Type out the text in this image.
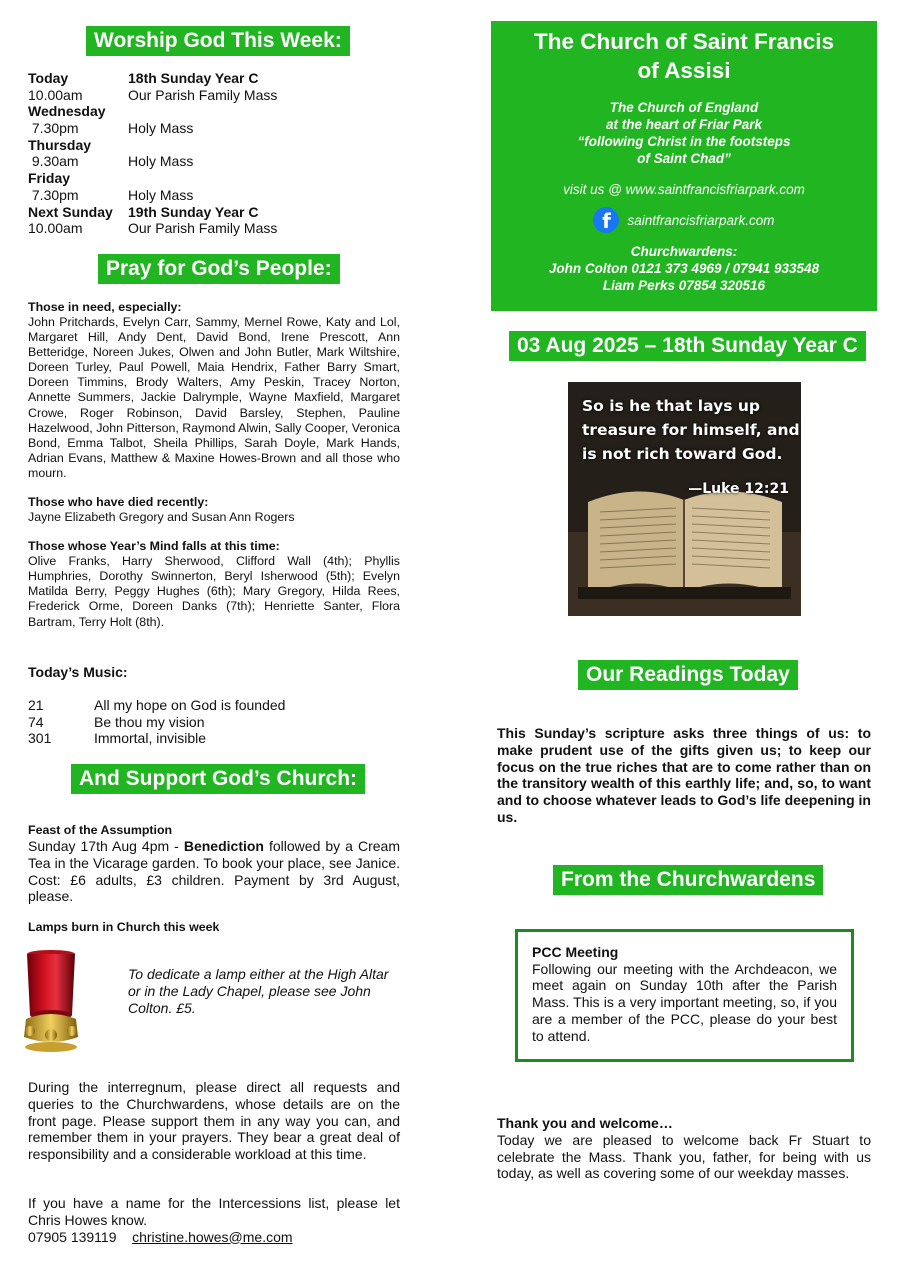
Worship God This Week:
Today	18th Sunday Year C
10.00am	Our Parish Family Mass
Wednesday
7.30pm	Holy Mass
Thursday
9.30am	Holy Mass
Friday
7.30pm	Holy Mass
Next Sunday	19th Sunday Year C
10.00am	Our Parish Family Mass
Pray for God’s People:
Those in need, especially:
John Pritchards, Evelyn Carr, Sammy, Mernel Rowe, Katy and Lol, Margaret Hill, Andy Dent, David Bond, Irene Prescott, Ann Betteridge, Noreen Jukes, Olwen and John Butler, Mark Wiltshire, Doreen Turley, Paul Powell, Maia Hendrix, Father Barry Smart, Doreen Timmins, Brody Walters, Amy Peskin, Tracey Norton, Annette Summers, Jackie Dalrymple, Wayne Maxfield, Margaret Crowe, Roger Robinson, David Barsley, Stephen, Pauline Hazelwood, John Pitterson, Raymond Alwin, Sally Cooper, Veronica Bond, Emma Talbot, Sheila Phillips, Sarah Doyle, Mark Hands, Adrian Evans, Matthew & Maxine Howes-Brown and all those who mourn.
Those who have died recently:
Jayne Elizabeth Gregory and Susan Ann Rogers
Those whose Year’s Mind falls at this time:
Olive Franks, Harry Sherwood, Clifford Wall (4th); Phyllis Humphries, Dorothy Swinnerton, Beryl Isherwood (5th); Evelyn Matilda Berry, Peggy Hughes (6th); Mary Gregory, Hilda Rees, Frederick Orme, Doreen Danks (7th); Henriette Santer, Flora Bartram, Terry Holt (8th).
Today’s Music:
21	All my hope on God is founded
74	Be thou my vision
301	Immortal, invisible
And Support God’s Church:
Feast of the Assumption
Sunday 17th Aug 4pm - Benediction followed by a Cream Tea in the Vicarage garden. To book your place, see Janice. Cost: £6 adults, £3 children. Payment by 3rd August, please.
Lamps burn in Church this week
To dedicate a lamp either at the High Altar or in the Lady Chapel, please see John Colton. £5.
During the interregnum, please direct all requests and queries to the Churchwardens, whose details are on the front page. Please support them in any way you can, and remember them in your prayers. They bear a great deal of responsibility and a considerable workload at this time.
If you have a name for the Intercessions list, please let Chris Howes know.
07905 139119 christine.howes@me.com
The Church of Saint Francis
of Assisi
The Church of England
at the heart of Friar Park
“following Christ in the footsteps
of Saint Chad”
visit us @ www.saintfrancisfriarpark.com
f	saintfrancisfriarpark.com
Churchwardens:
John Colton 0121 373 4969 / 07941 933548
Liam Perks 07854 320516
03 Aug 2025 – 18th Sunday Year C
So is he that lays up
treasure for himself, and
is not rich toward God.
—Luke 12:21
Our Readings Today
This Sunday’s scripture asks three things of us: to make prudent use of the gifts given us; to keep our focus on the true riches that are to come rather than on the transitory wealth of this earthly life; and, so, to want and to choose whatever leads to God’s life deepening in us.
From the Churchwardens
PCC Meeting
Following our meeting with the Archdeacon, we meet again on Sunday 10th after the Parish Mass. This is a very important meeting, so, if you are a member of the PCC, please do your best to attend.
Thank you and welcome…
Today we are pleased to welcome back Fr Stuart to celebrate the Mass. Thank you, father, for being with us today, as well as covering some of our weekday masses.
